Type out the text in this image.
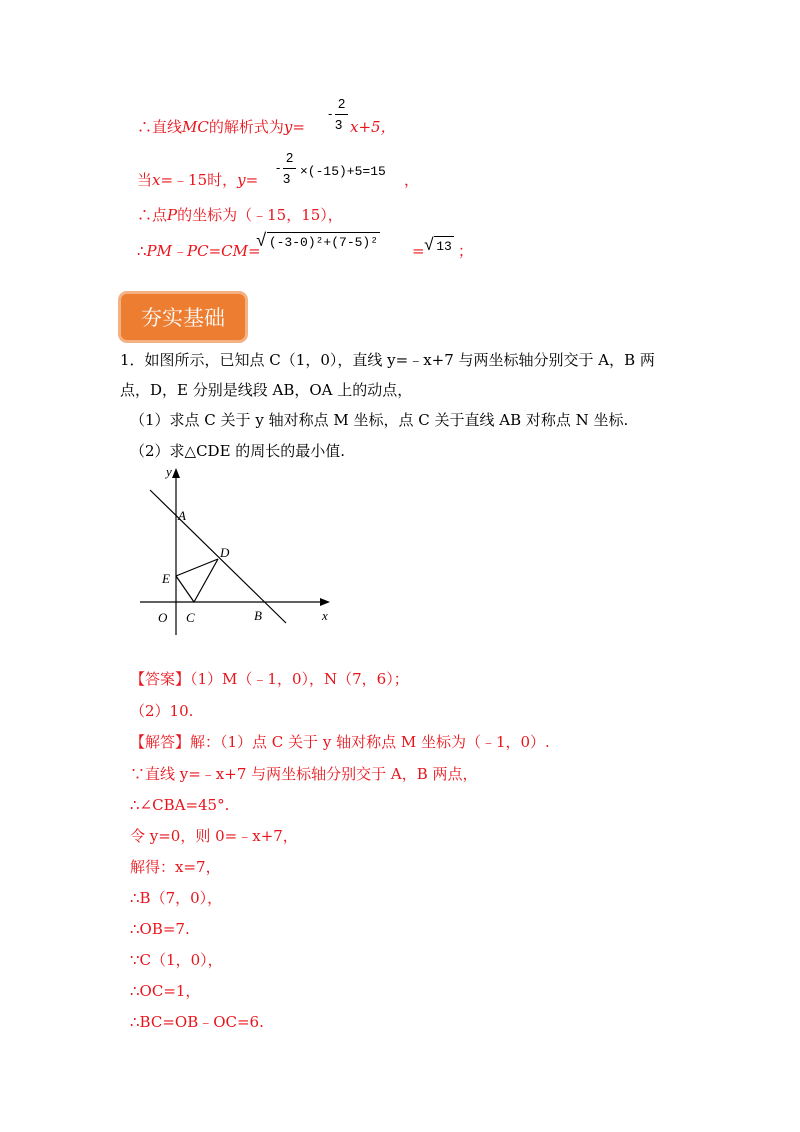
∴直线MC的解析式为y=
2
-
3 x+5，
当x=﹣15时，y=
2
-
3 ×(-15)+5=15 ，
∴点P的坐标为（﹣15，15），
∴PM﹣PC=CM=
√ (-3-0)²+(7-5)² = √ 13 ；
夯实基础
1．如图所示，已知点 C（1，0），直线 y=﹣x+7 与两坐标轴分别交于 A，B 两
点，D，E 分别是线段 AB，OA 上的动点，
（1）求点 C 关于 y 轴对称点 M 坐标，点 C 关于直线 AB 对称点 N 坐标.
（2）求△CDE 的周长的最小值.
y
x
A
D
E
O C	B
【答案】（1）M（﹣1，0），N（7，6）；
（2）10.
【解答】解：（1）点 C 关于 y 轴对称点 M 坐标为（﹣1，0）.
∵直线 y=﹣x+7 与两坐标轴分别交于 A，B 两点，
∴∠CBA=45°.
令 y=0，则 0=﹣x+7，
解得：x=7，
∴B（7，0），
∴OB=7.
∵C（1，0），
∴OC=1，
∴BC=OB﹣OC=6.
